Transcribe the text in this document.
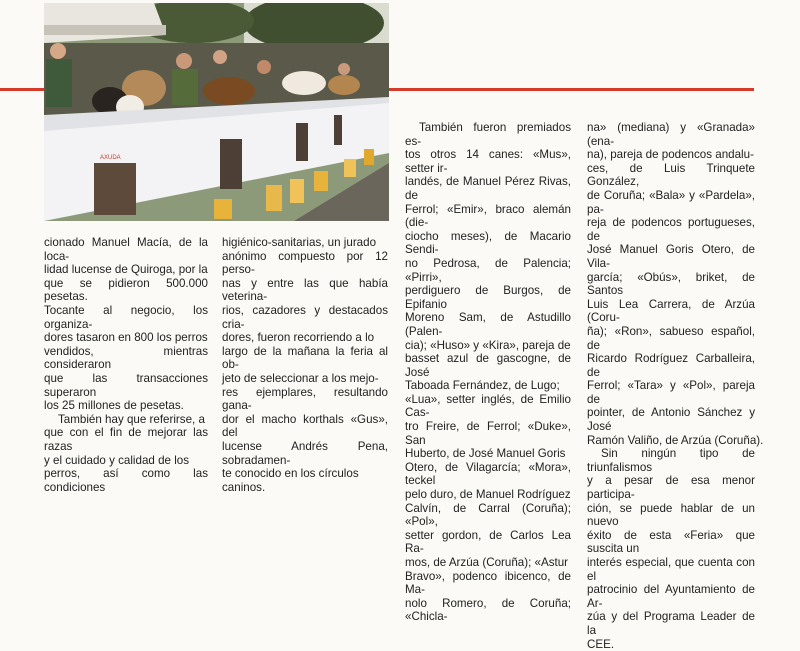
AXUDA

cionado Manuel Macía, de la loca-

lidad lucense de Quiroga, por la

que se pidieron 500.000 pesetas.

Tocante al negocio, los organiza-

dores tasaron en 800 los perros

vendidos, mientras consideraron

que las transacciones superaron

los 25 millones de pesetas.

También hay que referirse, a

que con el fin de mejorar las razas

y el cuidado y calidad de los

perros, así como las condiciones

higiénico-sanitarias, un jurado

anónimo compuesto por 12 perso-

nas y entre las que había veterina-

rios, cazadores y destacados cria-

dores, fueron recorriendo a lo

largo de la mañana la feria al ob-

jeto de seleccionar a los mejo-

res ejemplares, resultando gana-

dor el macho korthals «Gus», del

lucense Andrés Pena, sobradamen-

te conocido en los círculos

caninos.

También fueron premiados es-

tos otros 14 canes: «Mus», setter ir-

landés, de Manuel Pérez Rivas, de

Ferrol; «Emir», braco alemán (die-

ciocho meses), de Macario Sendi-

no Pedrosa, de Palencia; «Pirri»,

perdiguero de Burgos, de Epifanio

Moreno Sam, de Astudillo (Palen-

cia); «Huso» y «Kira», pareja de

basset azul de gascogne, de José

Taboada Fernández, de Lugo;

«Lua», setter inglés, de Emilio Cas-

tro Freire, de Ferrol; «Duke», San

Huberto, de José Manuel Goris

Otero, de Vilagarcía; «Mora», teckel

pelo duro, de Manuel Rodríguez

Calvín, de Carral (Coruña); «Pol»,

setter gordon, de Carlos Lea Ra-

mos, de Arzúa (Coruña); «Astur

Bravo», podenco ibicenco, de Ma-

nolo Romero, de Coruña; «Chicla-

na» (mediana) y «Granada» (ena-

na), pareja de podencos andalu-

ces, de Luis Trinquete González,

de Coruña; «Bala» y «Pardela», pa-

reja de podencos portugueses, de

José Manuel Goris Otero, de Vila-

garcía; «Obús», briket, de Santos

Luis Lea Carrera, de Arzúa (Coru-

ña); «Ron», sabueso español, de

Ricardo Rodríguez Carballeira, de

Ferrol; «Tara» y «Pol», pareja de

pointer, de Antonio Sánchez y José

Ramón Valiño, de Arzúa (Coruña).

Sin ningún tipo de triunfalismos

y a pesar de esa menor participa-

ción, se puede hablar de un nuevo

éxito de esta «Feria» que suscita un

interés especial, que cuenta con el

patrocinio del Ayuntamiento de Ar-

zúa y del Programa Leader de la

CEE.
